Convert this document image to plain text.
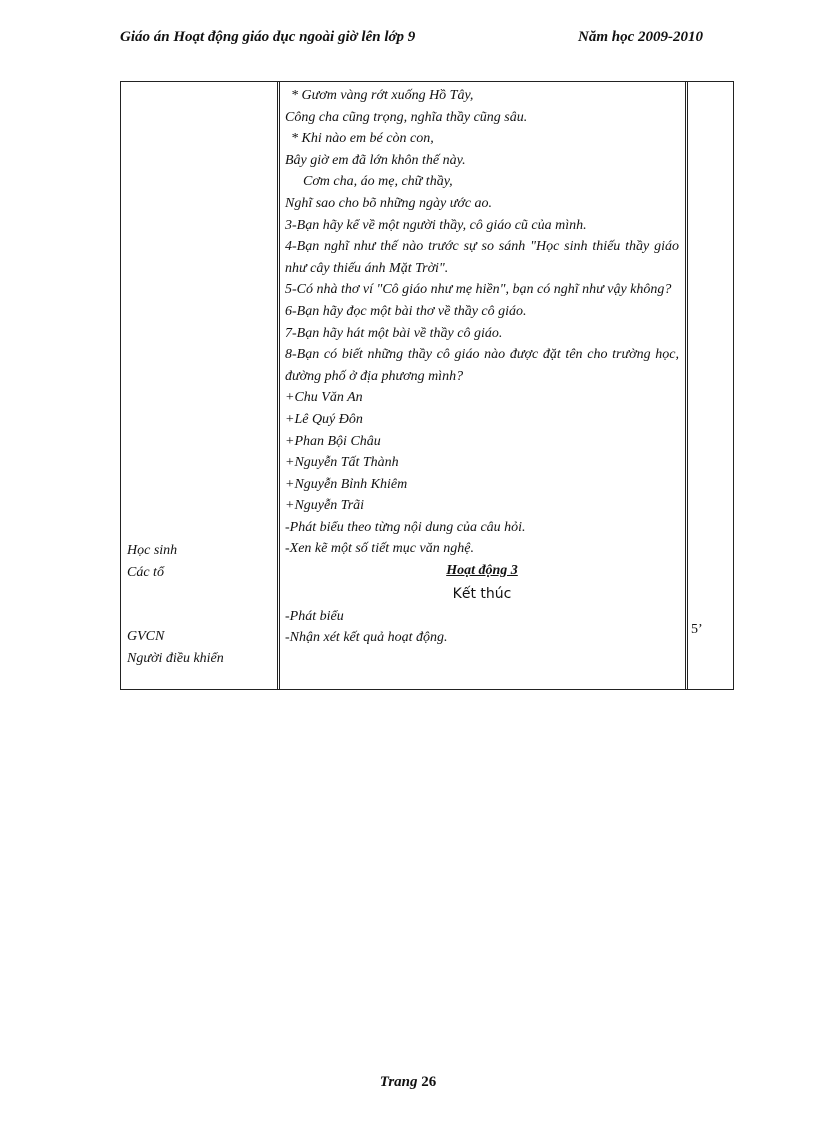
Giáo án Hoạt động giáo dục ngoài giờ lên lớp 9	Năm học 2009-2010
Học sinh
Các tổ
GVCN
Người điều khiển
* Gươm vàng rớt xuống Hồ Tây,
Công cha cũng trọng, nghĩa thầy cũng sâu.
* Khi nào em bé còn con,
Bây giờ em đã lớn khôn thế này.
Cơm cha, áo mẹ, chữ thầy,
Nghĩ sao cho bõ những ngày ước ao.
3-Bạn hãy kể về một người thầy, cô giáo cũ của mình.
4-Bạn nghĩ như thế nào trước sự so sánh "Học sinh thiếu thầy giáo như cây thiếu ánh Mặt Trời".
5-Có nhà thơ ví "Cô giáo như mẹ hiền", bạn có nghĩ như vậy không?
6-Bạn hãy đọc một bài thơ về thầy cô giáo.
7-Bạn hãy hát một bài về thầy cô giáo.
8-Bạn có biết những thầy cô giáo nào được đặt tên cho trường học, đường phố ở địa phương mình?
+Chu Văn An
+Lê Quý Đôn
+Phan Bội Châu
+Nguyễn Tất Thành
+Nguyễn Bỉnh Khiêm
+Nguyễn Trãi
-Phát biểu theo từng nội dung của câu hỏi.
-Xen kẽ một số tiết mục văn nghệ.
Hoạt động 3
Kết thúc
-Phát biểu
-Nhận xét kết quả hoạt động.
5’
Trang 26
